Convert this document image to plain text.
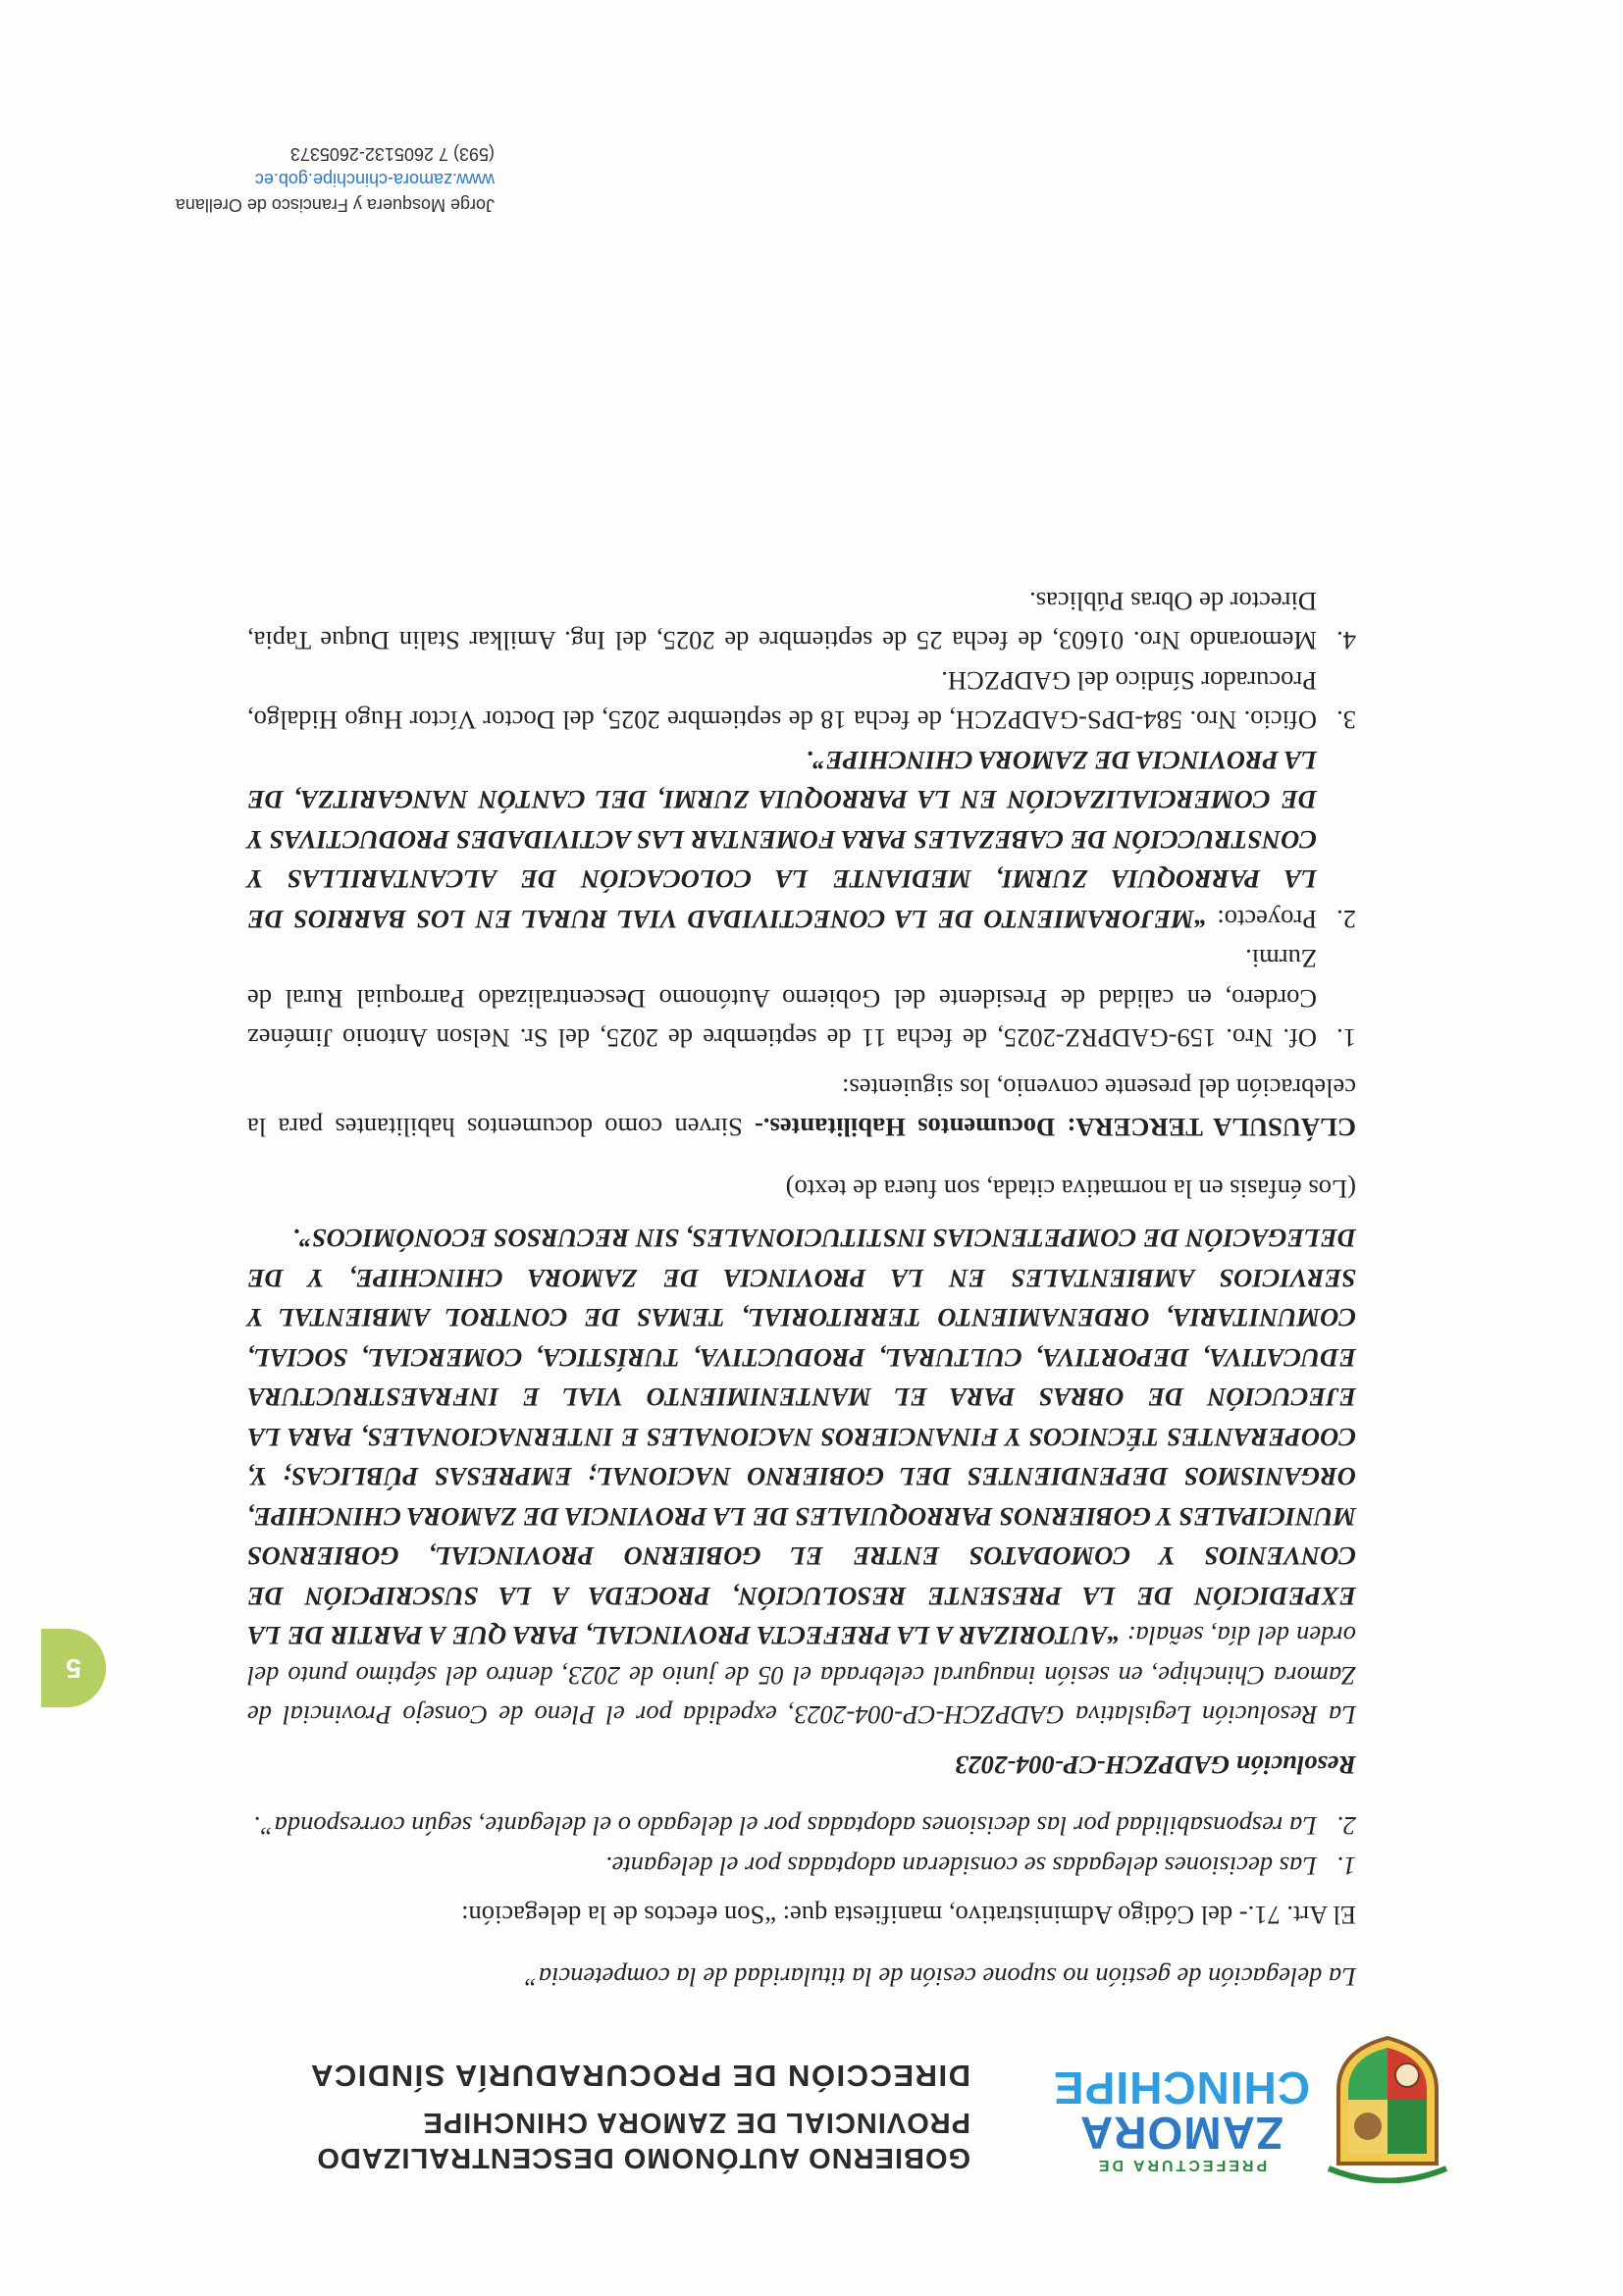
PREFECTURA DE
ZAMORA
CHINCHIPE
GOBIERNO AUTÓNOMO DESCENTRALIZADO
PROVINCIAL DE ZAMORA CHINCHIPE
DIRECCIÓN DE PROCURADURÍA SÍNDICA
5

La delegación de gestión no supone cesión de la titularidad de la competencia”

El Art. 71.- del Código Administrativo, manifiesta que: “Son efectos de la delegación:

1.
Las decisiones delegadas se consideran adoptadas por el delegante.
2.
La responsabilidad por las decisiones adoptadas por el delegado o el delegante, según corresponda”.

Resolución GADPZCH-CP-004-2023

La Resolución Legislativa GADPZCH-CP-004-2023, expedida por el Pleno de Consejo Provincial de Zamora Chinchipe, en sesión inaugural celebrada el 05 de junio de 2023, dentro del séptimo punto del orden del día, señala: “AUTORIZAR A LA PREFECTA PROVINCIAL, PARA QUE A PARTIR DE LA EXPEDICIÓN DE LA PRESENTE RESOLUCIÓN, PROCEDA A LA SUSCRIPCIÓN DE CONVENIOS Y COMODATOS ENTRE EL GOBIERNO PROVINCIAL, GOBIERNOS MUNICIPALES Y GOBIERNOS PARROQUIALES DE LA PROVINCIA DE ZAMORA CHINCHIPE, ORGANISMOS DEPENDIENTES DEL GOBIERNO NACIONAL; EMPRESAS PÚBLICAS; Y, COOPERANTES TÉCNICOS Y FINANCIEROS NACIONALES E INTERNACIONALES, PARA LA EJECUCIÓN DE OBRAS PARA EL MANTENIMIENTO VIAL E INFRAESTRUCTURA EDUCATIVA, DEPORTIVA, CULTURAL, PRODUCTIVA, TURÍSTICA, COMERCIAL, SOCIAL, COMUNITARIA, ORDENAMIENTO TERRITORIAL, TEMAS DE CONTROL AMBIENTAL Y SERVICIOS AMBIENTALES EN LA PROVINCIA DE ZAMORA CHINCHIPE, Y DE DELEGACIÓN DE COMPETENCIAS INSTITUCIONALES, SIN RECURSOS ECONÓMICOS”.

(Los énfasis en la normativa citada, son fuera de texto)

CLÁUSULA TERCERA: Documentos Habilitantes.- Sirven como documentos habilitantes para la celebración del presente convenio, los siguientes:

1.
Of. Nro. 159-GADPRZ-2025, de fecha 11 de septiembre de 2025, del Sr. Nelson Antonio Jiménez Cordero, en calidad de Presidente del Gobierno Autónomo Descentralizado Parroquial Rural de Zurmi.
2.
Proyecto: “MEJORAMIENTO DE LA CONECTIVIDAD VIAL RURAL EN LOS BARRIOS DE LA PARROQUIA ZURMI, MEDIANTE LA COLOCACIÓN DE ALCANTARILLAS Y CONSTRUCCIÓN DE CABEZALES PARA FOMENTAR LAS ACTIVIDADES PRODUCTIVAS Y DE COMERCIALIZACIÓN EN LA PARROQUIA ZURMI, DEL CANTÓN NANGARITZA, DE LA PROVINCIA DE ZAMORA CHINCHIPE”.
3.
Oficio. Nro. 584-DPS-GADPZCH, de fecha 18 de septiembre 2025, del Doctor Víctor Hugo Hidalgo, Procurador Síndico del GADPZCH.
4.
Memorando Nro. 01603, de fecha 25 de septiembre de 2025, del Ing. Amilkar Stalin Duque Tapia, Director de Obras Públicas.
Jorge Mosquera y Francisco de Orellana
www.zamora-chinchipe.gob.ec
(593) 7 2605132-2605373
